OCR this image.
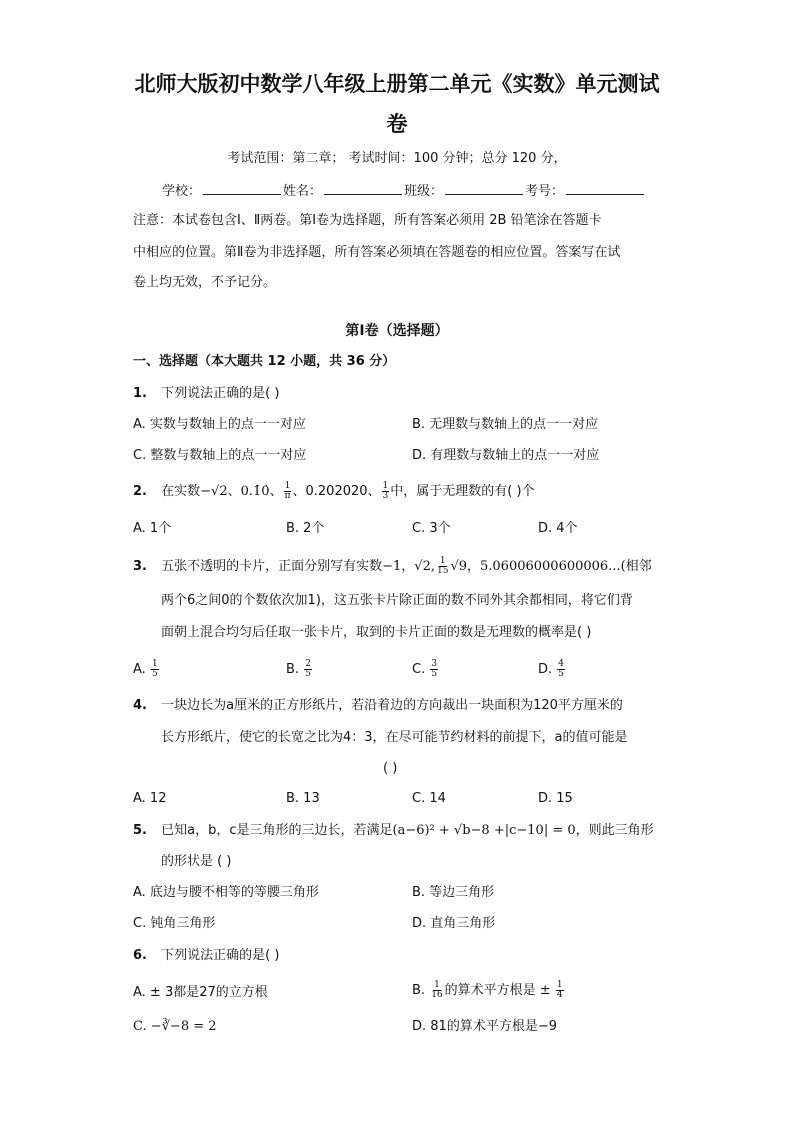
北师大版初中数学八年级上册第二单元《实数》单元测试
卷
考试范围：第二章； 考试时间：100 分钟；总分 120 分，
学校：	姓名：	班级：	考号：
注意：本试卷包含Ⅰ、Ⅱ两卷。第Ⅰ卷为选择题，所有答案必须用 2B 铅笔涂在答题卡
中相应的位置。第Ⅱ卷为非选择题，所有答案必须填在答题卷的相应位置。答案写在试
卷上均无效，不予记分。
第Ⅰ卷（选择题）
一、选择题（本大题共 12 小题，共 36 分）
1. 下列说法正确的是( )
A. 实数与数轴上的点一一对应	B. 无理数与数轴上的点一一对应
C. 整数与数轴上的点一一对应	D. 有理数与数轴上的点一一对应
2. 在实数−√2、0.1̇0̇、 $\frac{1}{\pi}$ 、0.202020、 $\frac{1}{3}$ 中，属于无理数的有( )个
A. 1个	B. 2个	C. 3个	D. 4个
3. 五张不透明的卡片，正面分别写有实数−1，√2, $\frac{1}{15} √9$，5.06006000600006...(相邻
两个6之间0的个数依次加1)，这五张卡片除正面的数不同外其余都相同，将它们背
面朝上混合均匀后任取一张卡片，取到的卡片正面的数是无理数的概率是( )
A. $\frac{1}{5}$	B. $\frac{2}{5}$	C. $\frac{3}{5}$	D. $\frac{4}{5}$
4. 一块边长为a厘米的正方形纸片，若沿着边的方向裁出一块面积为120平方厘米的
长方形纸片，使它的长宽之比为4：3，在尽可能节约材料的前提下，a的值可能是
( )
A. 12	B. 13	C. 14	D. 15
5. 已知a，b，c是三角形的三边长，若满足(a−6)² + √b−8 +|c−10| = 0，则此三角形
的形状是 ( )
A. 底边与腰不相等的等腰三角形	B. 等边三角形
C. 钝角三角形	D. 直角三角形
6. 下列说法正确的是( )
A. ± 3都是27的立方根	B. $\frac{1}{16}$ 的算术平方根是 ± $\frac{1}{4}$
C. −∛−8 = 2	D. 81的算术平方根是−9
